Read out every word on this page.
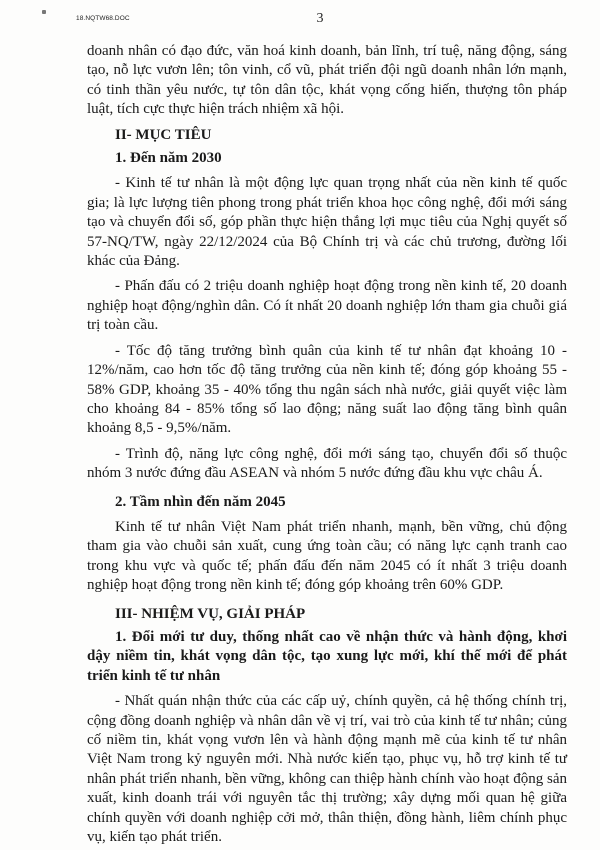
18.NQTW68.DOC	3

doanh nhân có đạo đức, văn hoá kinh doanh, bản lĩnh, trí tuệ, năng động, sáng tạo, nỗ lực vươn lên; tôn vinh, cổ vũ, phát triển đội ngũ doanh nhân lớn mạnh, có tinh thần yêu nước, tự tôn dân tộc, khát vọng cống hiến, thượng tôn pháp luật, tích cực thực hiện trách nhiệm xã hội.

II- MỤC TIÊU

1. Đến năm 2030

- Kinh tế tư nhân là một động lực quan trọng nhất của nền kinh tế quốc gia; là lực lượng tiên phong trong phát triển khoa học công nghệ, đổi mới sáng tạo và chuyển đổi số, góp phần thực hiện thắng lợi mục tiêu của Nghị quyết số 57-NQ/TW, ngày 22/12/2024 của Bộ Chính trị và các chủ trương, đường lối khác của Đảng.

- Phấn đấu có 2 triệu doanh nghiệp hoạt động trong nền kinh tế, 20 doanh nghiệp hoạt động/nghìn dân. Có ít nhất 20 doanh nghiệp lớn tham gia chuỗi giá trị toàn cầu.

- Tốc độ tăng trưởng bình quân của kinh tế tư nhân đạt khoảng 10 - 12%/năm, cao hơn tốc độ tăng trưởng của nền kinh tế; đóng góp khoảng 55 - 58% GDP, khoảng 35 - 40% tổng thu ngân sách nhà nước, giải quyết việc làm cho khoảng 84 - 85% tổng số lao động; năng suất lao động tăng bình quân khoảng 8,5 - 9,5%/năm.

- Trình độ, năng lực công nghệ, đổi mới sáng tạo, chuyển đổi số thuộc nhóm 3 nước đứng đầu ASEAN và nhóm 5 nước đứng đầu khu vực châu Á.

2. Tầm nhìn đến năm 2045

Kinh tế tư nhân Việt Nam phát triển nhanh, mạnh, bền vững, chủ động tham gia vào chuỗi sản xuất, cung ứng toàn cầu; có năng lực cạnh tranh cao trong khu vực và quốc tế; phấn đấu đến năm 2045 có ít nhất 3 triệu doanh nghiệp hoạt động trong nền kinh tế; đóng góp khoảng trên 60% GDP.

III- NHIỆM VỤ, GIẢI PHÁP

1. Đổi mới tư duy, thống nhất cao về nhận thức và hành động, khơi dậy niềm tin, khát vọng dân tộc, tạo xung lực mới, khí thế mới để phát triển kinh tế tư nhân

- Nhất quán nhận thức của các cấp uỷ, chính quyền, cả hệ thống chính trị, cộng đồng doanh nghiệp và nhân dân về vị trí, vai trò của kinh tế tư nhân; củng cố niềm tin, khát vọng vươn lên và hành động mạnh mẽ của kinh tế tư nhân Việt Nam trong kỷ nguyên mới. Nhà nước kiến tạo, phục vụ, hỗ trợ kinh tế tư nhân phát triển nhanh, bền vững, không can thiệp hành chính vào hoạt động sản xuất, kinh doanh trái với nguyên tắc thị trường; xây dựng mối quan hệ giữa chính quyền với doanh nghiệp cởi mở, thân thiện, đồng hành, liêm chính phục vụ, kiến tạo phát triển.
